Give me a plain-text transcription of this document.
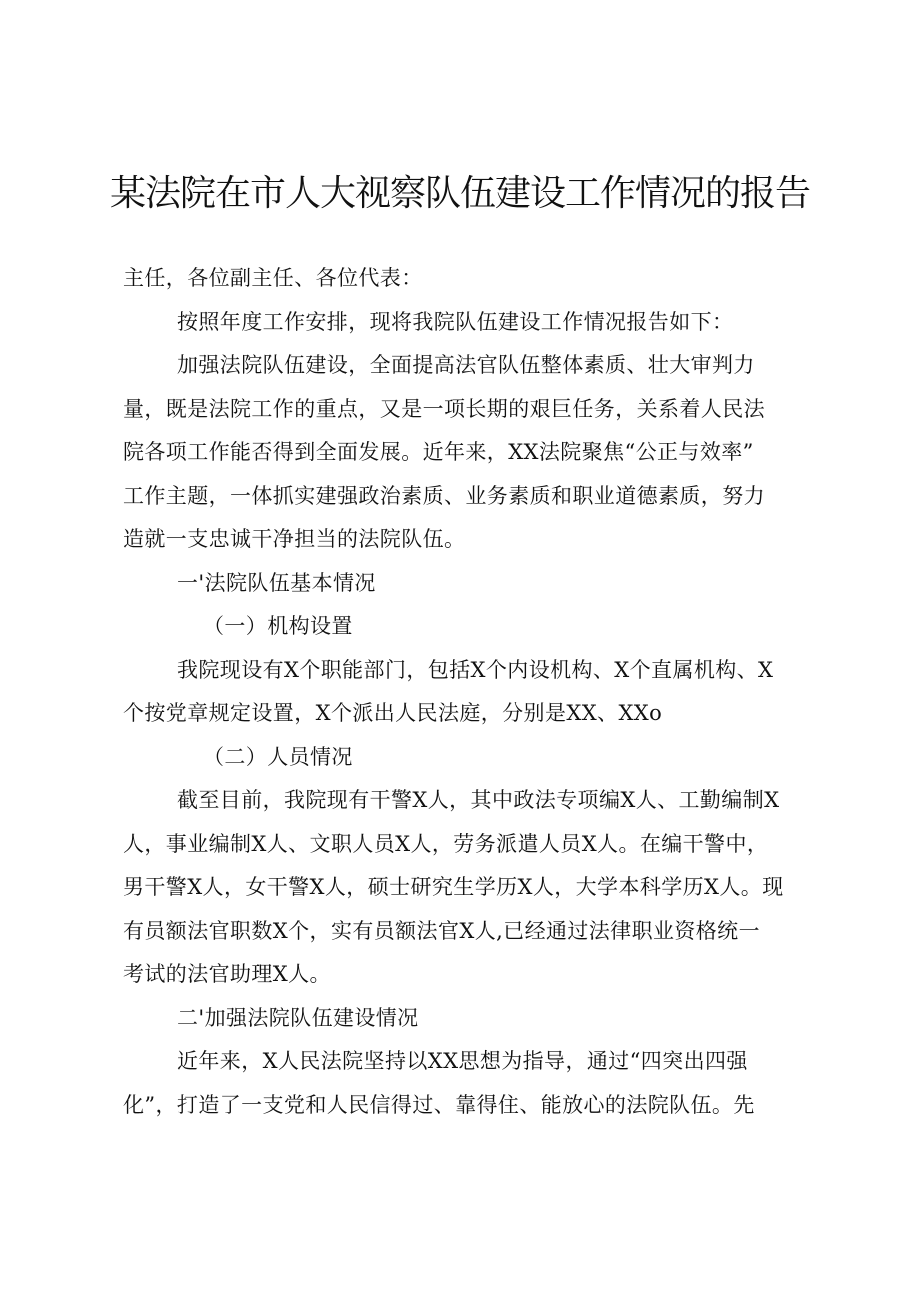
某法院在市人大视察队伍建设工作情况的报告

主任，各位副主任、各位代表：

按照年度工作安排，现将我院队伍建设工作情况报告如下：

加强法院队伍建设，全面提高法官队伍整体素质、壮大审判力
量，既是法院工作的重点，又是一项长期的艰巨任务，关系着人民法
院各项工作能否得到全面发展。近年来，XX法院聚焦“公正与效率”
工作主题，一体抓实建强政治素质、业务素质和职业道德素质，努力
造就一支忠诚干净担当的法院队伍。

一'法院队伍基本情况

（一）机构设置

我院现设有X个职能部门，包括X个内设机构、X个直属机构、X
个按党章规定设置，X个派出人民法庭，分别是XX、XXo

（二）人员情况

截至目前，我院现有干警X人，其中政法专项编X人、工勤编制X
人，事业编制X人、文职人员X人，劳务派遣人员X人。在编干警中，
男干警X人，女干警X人，硕士研究生学历X人，大学本科学历X人。现
有员额法官职数X个，实有员额法官X人,已经通过法律职业资格统一
考试的法官助理X人。

二'加强法院队伍建设情况

近年来，X人民法院坚持以XX思想为指导，通过“四突出四强
化”，打造了一支党和人民信得过、靠得住、能放心的法院队伍。先
